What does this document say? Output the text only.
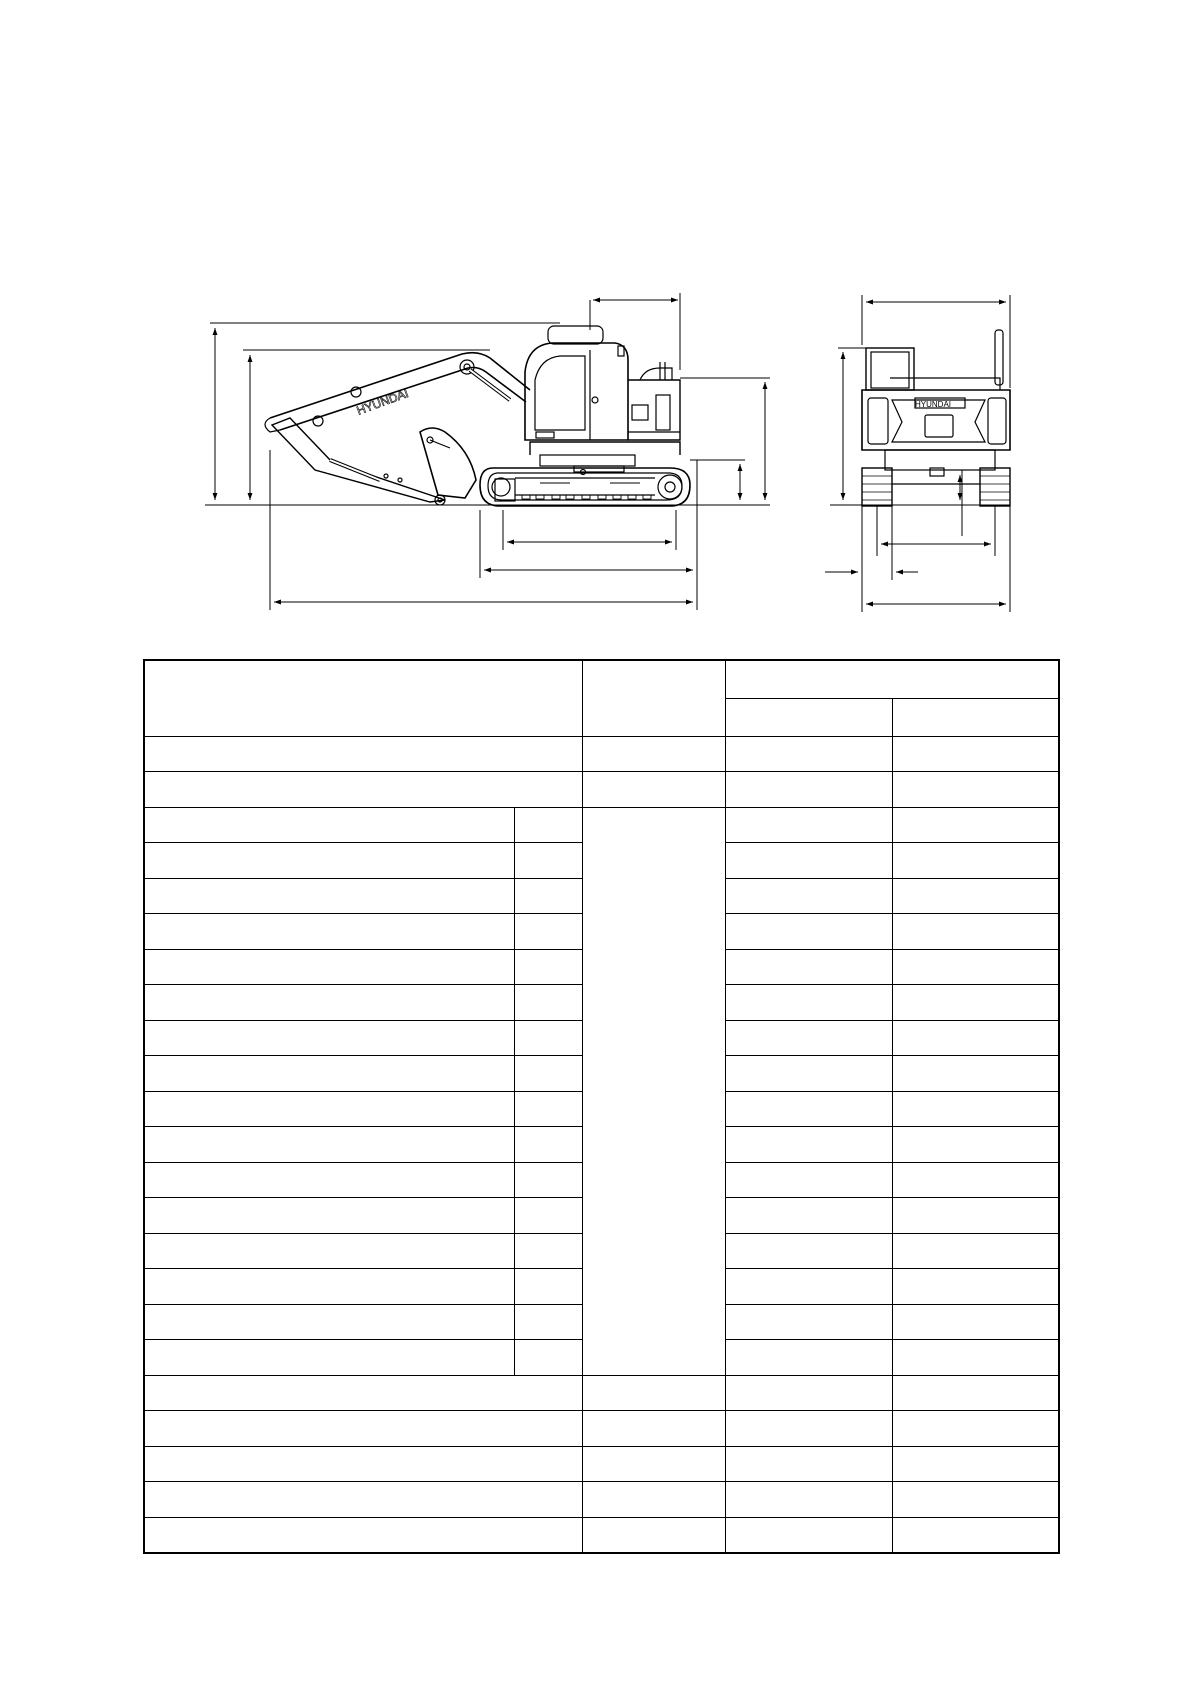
HYUNDAI	HYUNDAI
